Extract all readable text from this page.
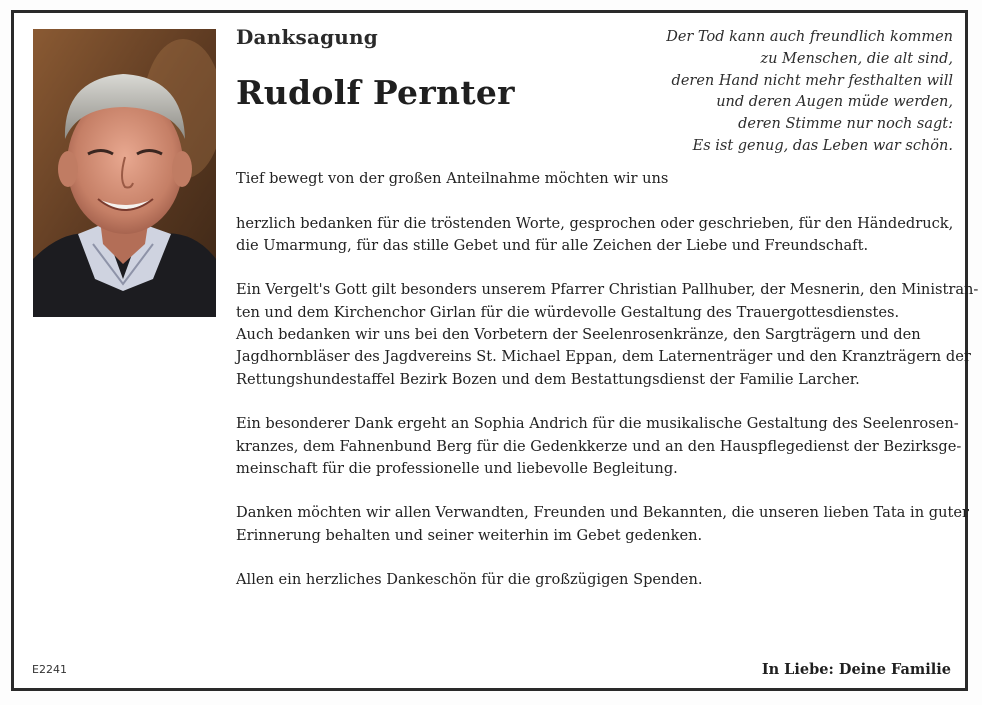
Danksagung
Rudolf Pernter
Der Tod kann auch freundlich kommen
zu Menschen, die alt sind,
deren Hand nicht mehr festhalten will
und deren Augen müde werden,
deren Stimme nur noch sagt:
Es ist genug, das Leben war schön.
Tief bewegt von der großen Anteilnahme möchten wir uns
herzlich bedanken für die tröstenden Worte, gesprochen oder geschrieben, für den Händedruck,
die Umarmung, für das stille Gebet und für alle Zeichen der Liebe und Freundschaft.
Ein Vergelt's Gott gilt besonders unserem Pfarrer Christian Pallhuber, der Mesnerin, den Ministran-
ten und dem Kirchenchor Girlan für die würdevolle Gestaltung des Trauergottesdienstes.
Auch bedanken wir uns bei den Vorbetern der Seelenrosenkränze, den Sargträgern und den
Jagdhornbläser des Jagdvereins St. Michael Eppan, dem Laternenträger und den Kranzträgern der
Rettungshundestaffel Bezirk Bozen und dem Bestattungsdienst der Familie Larcher.
Ein besonderer Dank ergeht an Sophia Andrich für die musikalische Gestaltung des Seelenrosen-
kranzes, dem Fahnenbund Berg für die Gedenkkerze und an den Hauspflegedienst der Bezirksge-
meinschaft für die professionelle und liebevolle Begleitung.
Danken möchten wir allen Verwandten, Freunden und Bekannten, die unseren lieben Tata in guter
Erinnerung behalten und seiner weiterhin im Gebet gedenken.
Allen ein herzliches Dankeschön für die großzügigen Spenden.
E2241	In Liebe: Deine Familie
